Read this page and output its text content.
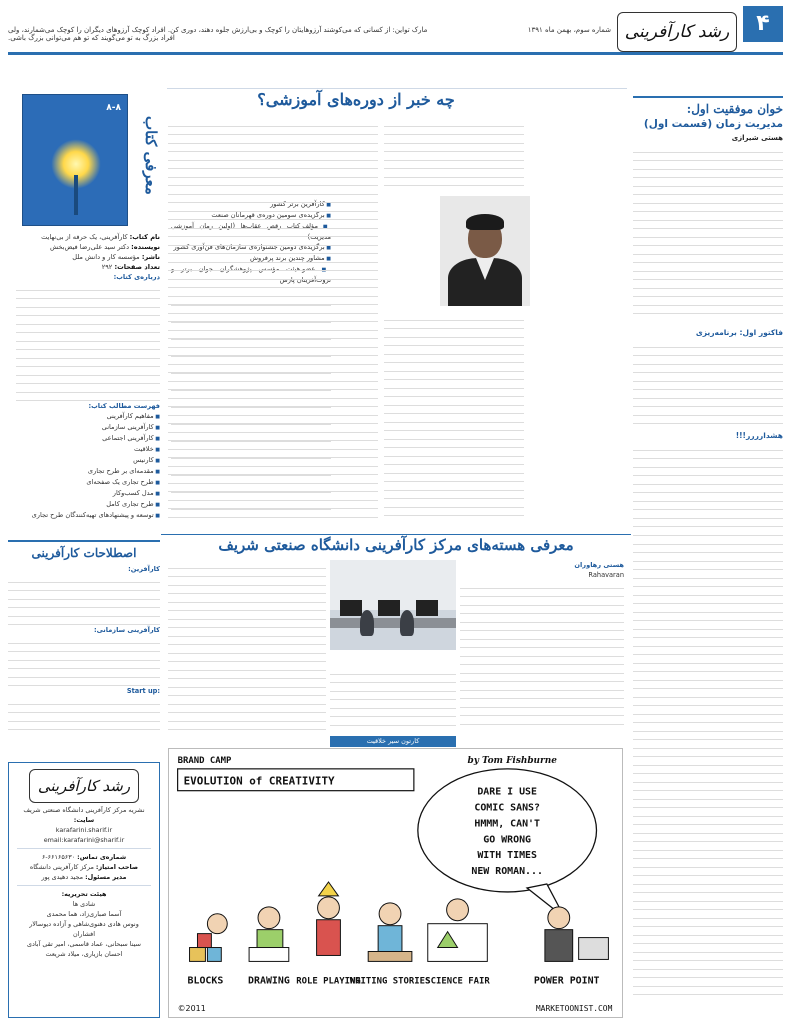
۴
رشد کارآفرینی
شماره سوم، بهمن ماه ۱۳۹۱
مارک تواین: از کسانی که می‌کوشند آرزوهایتان را کوچک و بی‌ارزش جلوه دهند، دوری کن. افراد کوچک آرزوهای دیگران را کوچک می‌شمارند، ولی افراد بزرگ به تو می‌گویند که تو هم می‌توانی بزرگ باشی.
خوان موفقیت اول:
مدیریت زمان (قسمت اول)
هستی شیرازی
فاکتور اول: برنامه‌ریزی
هشدارررر!!!
چه خبر از دوره‌های آموزشی؟
■ کارآفرین برتر کشور
■ برگزیده‌ی سومین دوره‌ی قهرمانان صنعت
■ مؤلف کتاب رقص عقاب‌ها (اولین رمان آموزشی مدیریت)
■ برگزیده‌ی دومین جشنواره‌ی سازمان‌های فن‌آوری کشور
■ مشاور چندین برند پرفروش
■ عضو هیئت مؤسس پژوهشگران جوان برتر و تروت‌آفرینان پارس
معرفی کتاب
۸-۸
نام کتاب: کارآفرینی، یک حرفه از بی‌نهایت
نویسنده: دکتر سید علی‌رضا فیض‌بخش
ناشر: مؤسسه کار و دانش ملل
تعداد صفحات: ۲۹۲
درباره‌ی کتاب:
فهرست مطالب کتاب:
■ مفاهیم کارآفرینی
■ کارآفرینی سازمانی
■ کارآفرینی اجتماعی
■ خلاقیت
■ کارنیس
■ مقدمه‌ای بر طرح تجاری
■ طرح تجاری یک صفحه‌ای
■ مدل کسب‌وکار
■ طرح تجاری کامل
■ توسعه و پیشنهادهای تهیه‌کنندگان طرح تجاری
معرفی هسته‌های مرکز کارآفرینی دانشگاه صنعتی شریف
هستی رهاوران
Rahavaran
کارتون سیر خلاقیت
اصطلاحات کارآفرینی
کارآفرین:
کارآفرینی سازمانی:
Start up:
رشد کارآفرینی
نشریه مرکز کارآفرینی دانشگاه صنعتی شریف
سایت:
karafarini.sharif.ir
email:karafarini@sharif.ir
شماره‌ی تماس: ۶۶۱۶۵۶۳۰-۶
صاحب امتیاز: مرکز کارآفرینی دانشگاه
مدیر مسئول: مجید دهیدی پور
هیئت تحریریه:
شادی ها
آسما صباری‌زاد، هما محمدی
ونوس هادی دهنوی‌شاهی و آزاده دیوسالار
افشاران
سینا سبحانی، عماد قاسمی، امیر تقی آبادی
احسان بازیاری، میلاد شریعت
BRAND CAMP	by Tom Fishburne
EVOLUTION of CREATIVITY
DARE I USE
COMIC SANS?
HMMM, CAN'T
GO WRONG
WITH TIMES
NEW ROMAN...
BLOCKS DRAWING ROLE PLAYING
WRITING STORIES
SCIENCE FAIR	POWER POINT
©2011	MARKETOONIST.COM
